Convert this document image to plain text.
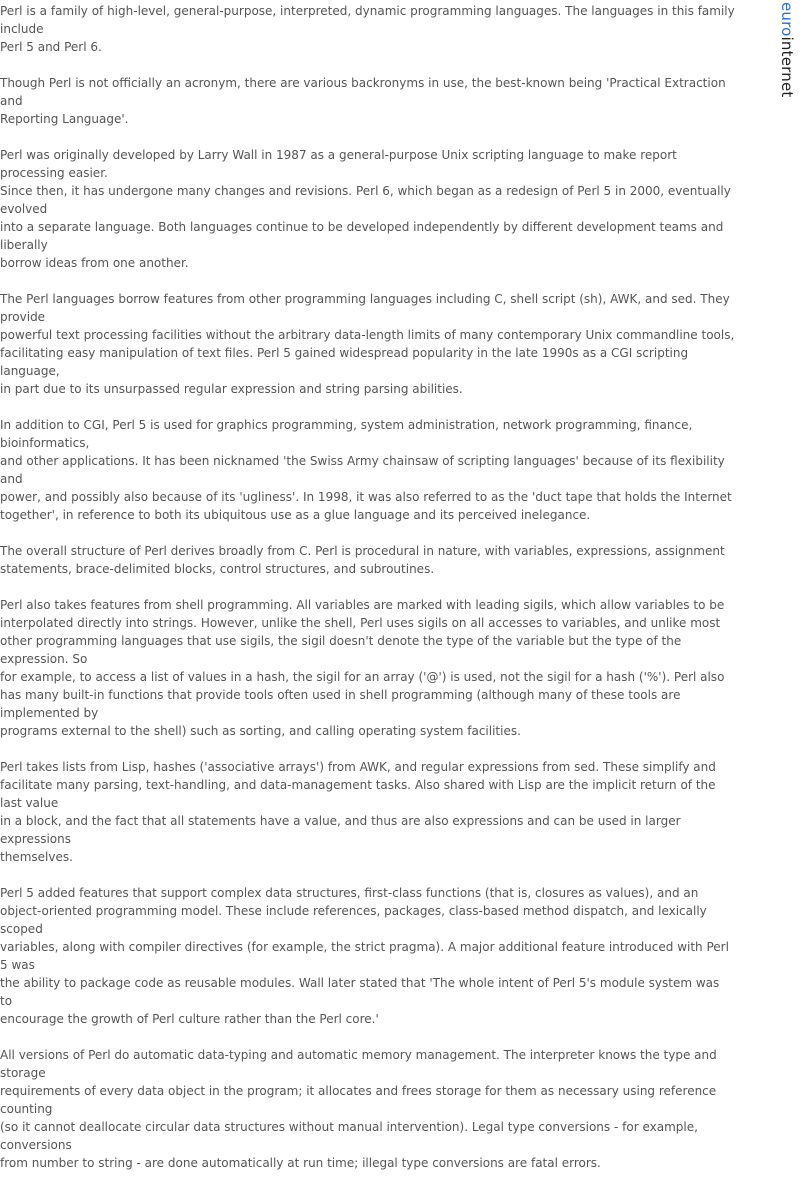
Perl is a family of high-level, general-purpose, interpreted, dynamic programming languages. The languages in this family include
Perl 5 and Perl 6.

Though Perl is not officially an acronym, there are various backronyms in use, the best-known being 'Practical Extraction and
Reporting Language'.

Perl was originally developed by Larry Wall in 1987 as a general-purpose Unix scripting language to make report processing easier.
Since then, it has undergone many changes and revisions. Perl 6, which began as a redesign of Perl 5 in 2000, eventually evolved
into a separate language. Both languages continue to be developed independently by different development teams and liberally
borrow ideas from one another.

The Perl languages borrow features from other programming languages including C, shell script (sh), AWK, and sed. They provide
powerful text processing facilities without the arbitrary data-length limits of many contemporary Unix commandline tools,
facilitating easy manipulation of text files. Perl 5 gained widespread popularity in the late 1990s as a CGI scripting language,
in part due to its unsurpassed regular expression and string parsing abilities.

In addition to CGI, Perl 5 is used for graphics programming, system administration, network programming, finance, bioinformatics,
and other applications. It has been nicknamed 'the Swiss Army chainsaw of scripting languages' because of its flexibility and
power, and possibly also because of its 'ugliness'. In 1998, it was also referred to as the 'duct tape that holds the Internet
together', in reference to both its ubiquitous use as a glue language and its perceived inelegance.

The overall structure of Perl derives broadly from C. Perl is procedural in nature, with variables, expressions, assignment
statements, brace-delimited blocks, control structures, and subroutines.

Perl also takes features from shell programming. All variables are marked with leading sigils, which allow variables to be
interpolated directly into strings. However, unlike the shell, Perl uses sigils on all accesses to variables, and unlike most
other programming languages that use sigils, the sigil doesn't denote the type of the variable but the type of the expression. So
for example, to access a list of values in a hash, the sigil for an array ('@') is used, not the sigil for a hash ('%'). Perl also
has many built-in functions that provide tools often used in shell programming (although many of these tools are implemented by
programs external to the shell) such as sorting, and calling operating system facilities.

Perl takes lists from Lisp, hashes ('associative arrays') from AWK, and regular expressions from sed. These simplify and
facilitate many parsing, text-handling, and data-management tasks. Also shared with Lisp are the implicit return of the last value
in a block, and the fact that all statements have a value, and thus are also expressions and can be used in larger expressions
themselves.

Perl 5 added features that support complex data structures, first-class functions (that is, closures as values), and an
object-oriented programming model. These include references, packages, class-based method dispatch, and lexically scoped
variables, along with compiler directives (for example, the strict pragma). A major additional feature introduced with Perl 5 was
the ability to package code as reusable modules. Wall later stated that 'The whole intent of Perl 5's module system was to
encourage the growth of Perl culture rather than the Perl core.'

All versions of Perl do automatic data-typing and automatic memory management. The interpreter knows the type and storage
requirements of every data object in the program; it allocates and frees storage for them as necessary using reference counting
(so it cannot deallocate circular data structures without manual intervention). Legal type conversions - for example, conversions
from number to string - are done automatically at run time; illegal type conversions are fatal errors.

eurointernet
